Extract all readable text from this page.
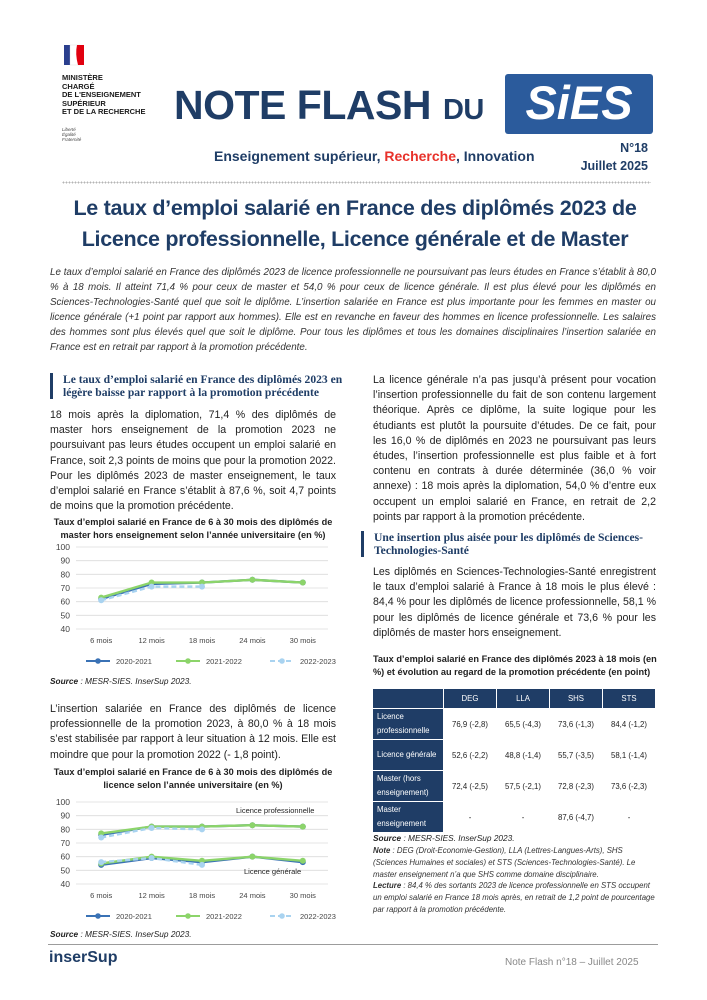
MINISTÈRE
CHARGÉ
DE L'ENSEIGNEMENT
SUPÉRIEUR
ET DE LA RECHERCHE
Liberté
Égalité
Fraternité
NOTE FLASH DU SiES
Enseignement supérieur, Recherche, Innovation	N°18
Juillet 2025
Le taux d’emploi salarié en France des diplômés 2023 de
Licence professionnelle, Licence générale et de Master
Le taux d’emploi salarié en France des diplômés 2023 de licence professionnelle ne poursuivant pas leurs études en France s’établit à 80,0 % à 18 mois. Il atteint 71,4 % pour ceux de master et 54,0 % pour ceux de licence générale. Il est plus élevé pour les diplômés en Sciences-Technologies-Santé quel que soit le diplôme. L’insertion salariée en France est plus importante pour les femmes en master ou licence générale (+1 point par rapport aux hommes). Elle est en revanche en faveur des hommes en licence professionnelle. Les salaires des hommes sont plus élevés quel que soit le diplôme. Pour tous les diplômes et tous les domaines disciplinaires l’insertion salariée en France est en retrait par rapport à la promotion précédente.
Le taux d’emploi salarié en France des diplômés 2023 en légère baisse par rapport à la promotion précédente
18 mois après la diplomation, 71,4 % des diplômés de master hors enseignement de la promotion 2023 ne poursuivant pas leurs études occupent un emploi salarié en France, soit 2,3 points de moins que pour la promotion 2022. Pour les diplômés 2023 de master enseignement, le taux d’emploi salarié en France s’établit à 87,6 %, soit 4,7 points de moins que la promotion précédente.
Taux d’emploi salarié en France de 6 à 30 mois des diplômés de master hors enseignement selon l’année universitaire (en %)
40
50
60
70
80
90
100
6 mois	12 mois	18 mois	24 mois	30 mois
2020-2021	2021-2022	2022-2023
Source : MESR-SIES. InserSup 2023.
L’insertion salariée en France des diplômés de licence professionnelle de la promotion 2023, à 80,0 % à 18 mois s’est stabilisée par rapport à leur situation à 12 mois. Elle est moindre que pour la promotion 2022 (- 1,8 point).
Taux d’emploi salarié en France de 6 à 30 mois des diplômés de licence selon l’année universitaire (en %)
40
50
60
70
80
90
100
6 mois	12 mois	18 mois	24 mois	30 mois
2020-2021	2021-2022	2022-2023
Licence professionnelle
Licence générale
Source : MESR-SIES. InserSup 2023.
La licence générale n’a pas jusqu’à présent pour vocation l’insertion professionnelle du fait de son contenu largement théorique. Après ce diplôme, la suite logique pour les étudiants est plutôt la poursuite d’études. De ce fait, pour les 16,0 % de diplômés en 2023 ne poursuivant pas leurs études, l’insertion professionnelle est plus faible et à fort contenu en contrats à durée déterminée (36,0 % voir annexe) : 18 mois après la diplomation, 54,0 % d’entre eux occupent un emploi salarié en France, en retrait de 2,2 points par rapport à la promotion précédente.
Une insertion plus aisée pour les diplômés de Sciences-Technologies-Santé
Les diplômés en Sciences-Technologies-Santé enregistrent le taux d’emploi salarié à France à 18 mois le plus élevé : 84,4 % pour les diplômés de licence professionnelle, 58,1 % pour les diplômés de licence générale et 73,6 % pour les diplômés de master hors enseignement.
Taux d’emploi salarié en France des diplômés 2023 à 18 mois (en %) et évolution au regard de la promotion précédente (en point)
	DEG	LLA	SHS	STS
Licence professionnelle	76,9 (-2,8)	65,5 (-4,3)	73,6 (-1,3)	84,4 (-1,2)
Licence générale	52,6 (-2,2)	48,8 (-1,4)	55,7 (-3,5)	58,1 (-1,4)
Master (hors enseignement)	72,4 (-2,5)	57,5 (-2,1)	72,8 (-2,3)	73,6 (-2,3)
Master enseignement	-	-	87,6 (-4,7)	-
Source : MESR-SIES. InserSup 2023.
Note : DEG (Droit-Economie-Gestion), LLA (Lettres-Langues-Arts), SHS (Sciences Humaines et sociales) et STS (Sciences-Technologies-Santé). Le master enseignement n’a que SHS comme domaine disciplinaire.
Lecture : 84,4 % des sortants 2023 de licence professionnelle en STS occupent un emploi salarié en France 18 mois après, en retrait de 1,2 point de pourcentage par rapport à la promotion précédente.
inserSup	Note Flash n°18 – Juillet 2025
